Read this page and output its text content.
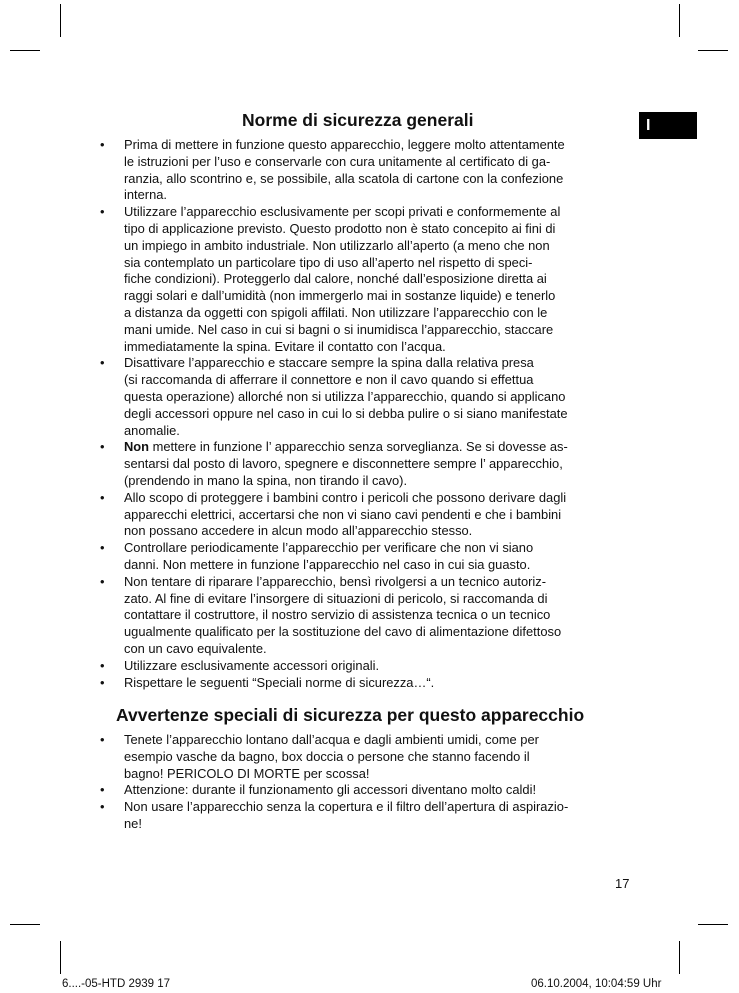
I
Norme di sicurezza generali
• Prima di mettere in funzione questo apparecchio, leggere molto attentamente
le istruzioni per l’uso e conservarle con cura unitamente al certificato di ga-
ranzia, allo scontrino e, se possibile, alla scatola di cartone con la confezione
interna.
• Utilizzare l’apparecchio esclusivamente per scopi privati e conformemente al
tipo di applicazione previsto. Questo prodotto non è stato concepito ai fini di
un impiego in ambito industriale. Non utilizzarlo all’aperto (a meno che non
sia contemplato un particolare tipo di uso all’aperto nel rispetto di speci-
fiche condizioni). Proteggerlo dal calore, nonché dall’esposizione diretta ai
raggi solari e dall’umidità (non immergerlo mai in sostanze liquide) e tenerlo
a distanza da oggetti con spigoli affilati. Non utilizzare l’apparecchio con le
mani umide. Nel caso in cui si bagni o si inumidisca l’apparecchio, staccare
immediatamente la spina. Evitare il contatto con l’acqua.
• Disattivare l’apparecchio e staccare sempre la spina dalla relativa presa
(si raccomanda di afferrare il connettore e non il cavo quando si effettua
questa operazione) allorché non si utilizza l’apparecchio, quando si applicano
degli accessori oppure nel caso in cui lo si debba pulire o si siano manifestate
anomalie.
• Non mettere in funzione l’ apparecchio senza sorveglianza. Se si dovesse as-
sentarsi dal posto di lavoro, spegnere e disconnettere sempre l’ apparecchio,
(prendendo in mano la spina, non tirando il cavo).
• Allo scopo di proteggere i bambini contro i pericoli che possono derivare dagli
apparecchi elettrici, accertarsi che non vi siano cavi pendenti e che i bambini
non possano accedere in alcun modo all’apparecchio stesso.
• Controllare periodicamente l’apparecchio per verificare che non vi siano
danni. Non mettere in funzione l’apparecchio nel caso in cui sia guasto.
• Non tentare di riparare l’apparecchio, bensì rivolgersi a un tecnico autoriz-
zato. Al fine di evitare l’insorgere di situazioni di pericolo, si raccomanda di
contattare il costruttore, il nostro servizio di assistenza tecnica o un tecnico
ugualmente qualificato per la sostituzione del cavo di alimentazione difettoso
con un cavo equivalente.
• Utilizzare esclusivamente accessori originali.
• Rispettare le seguenti “Speciali norme di sicurezza…“.
Avvertenze speciali di sicurezza per questo apparecchio
• Tenete l’apparecchio lontano dall’acqua e dagli ambienti umidi, come per
esempio vasche da bagno, box doccia o persone che stanno facendo il
bagno! PERICOLO DI MORTE per scossa!
• Attenzione: durante il funzionamento gli accessori diventano molto caldi!
• Non usare l’apparecchio senza la copertura e il filtro dell’apertura di aspirazio-
ne!
17
6....-05-HTD 2939 17	06.10.2004, 10:04:59 Uhr
